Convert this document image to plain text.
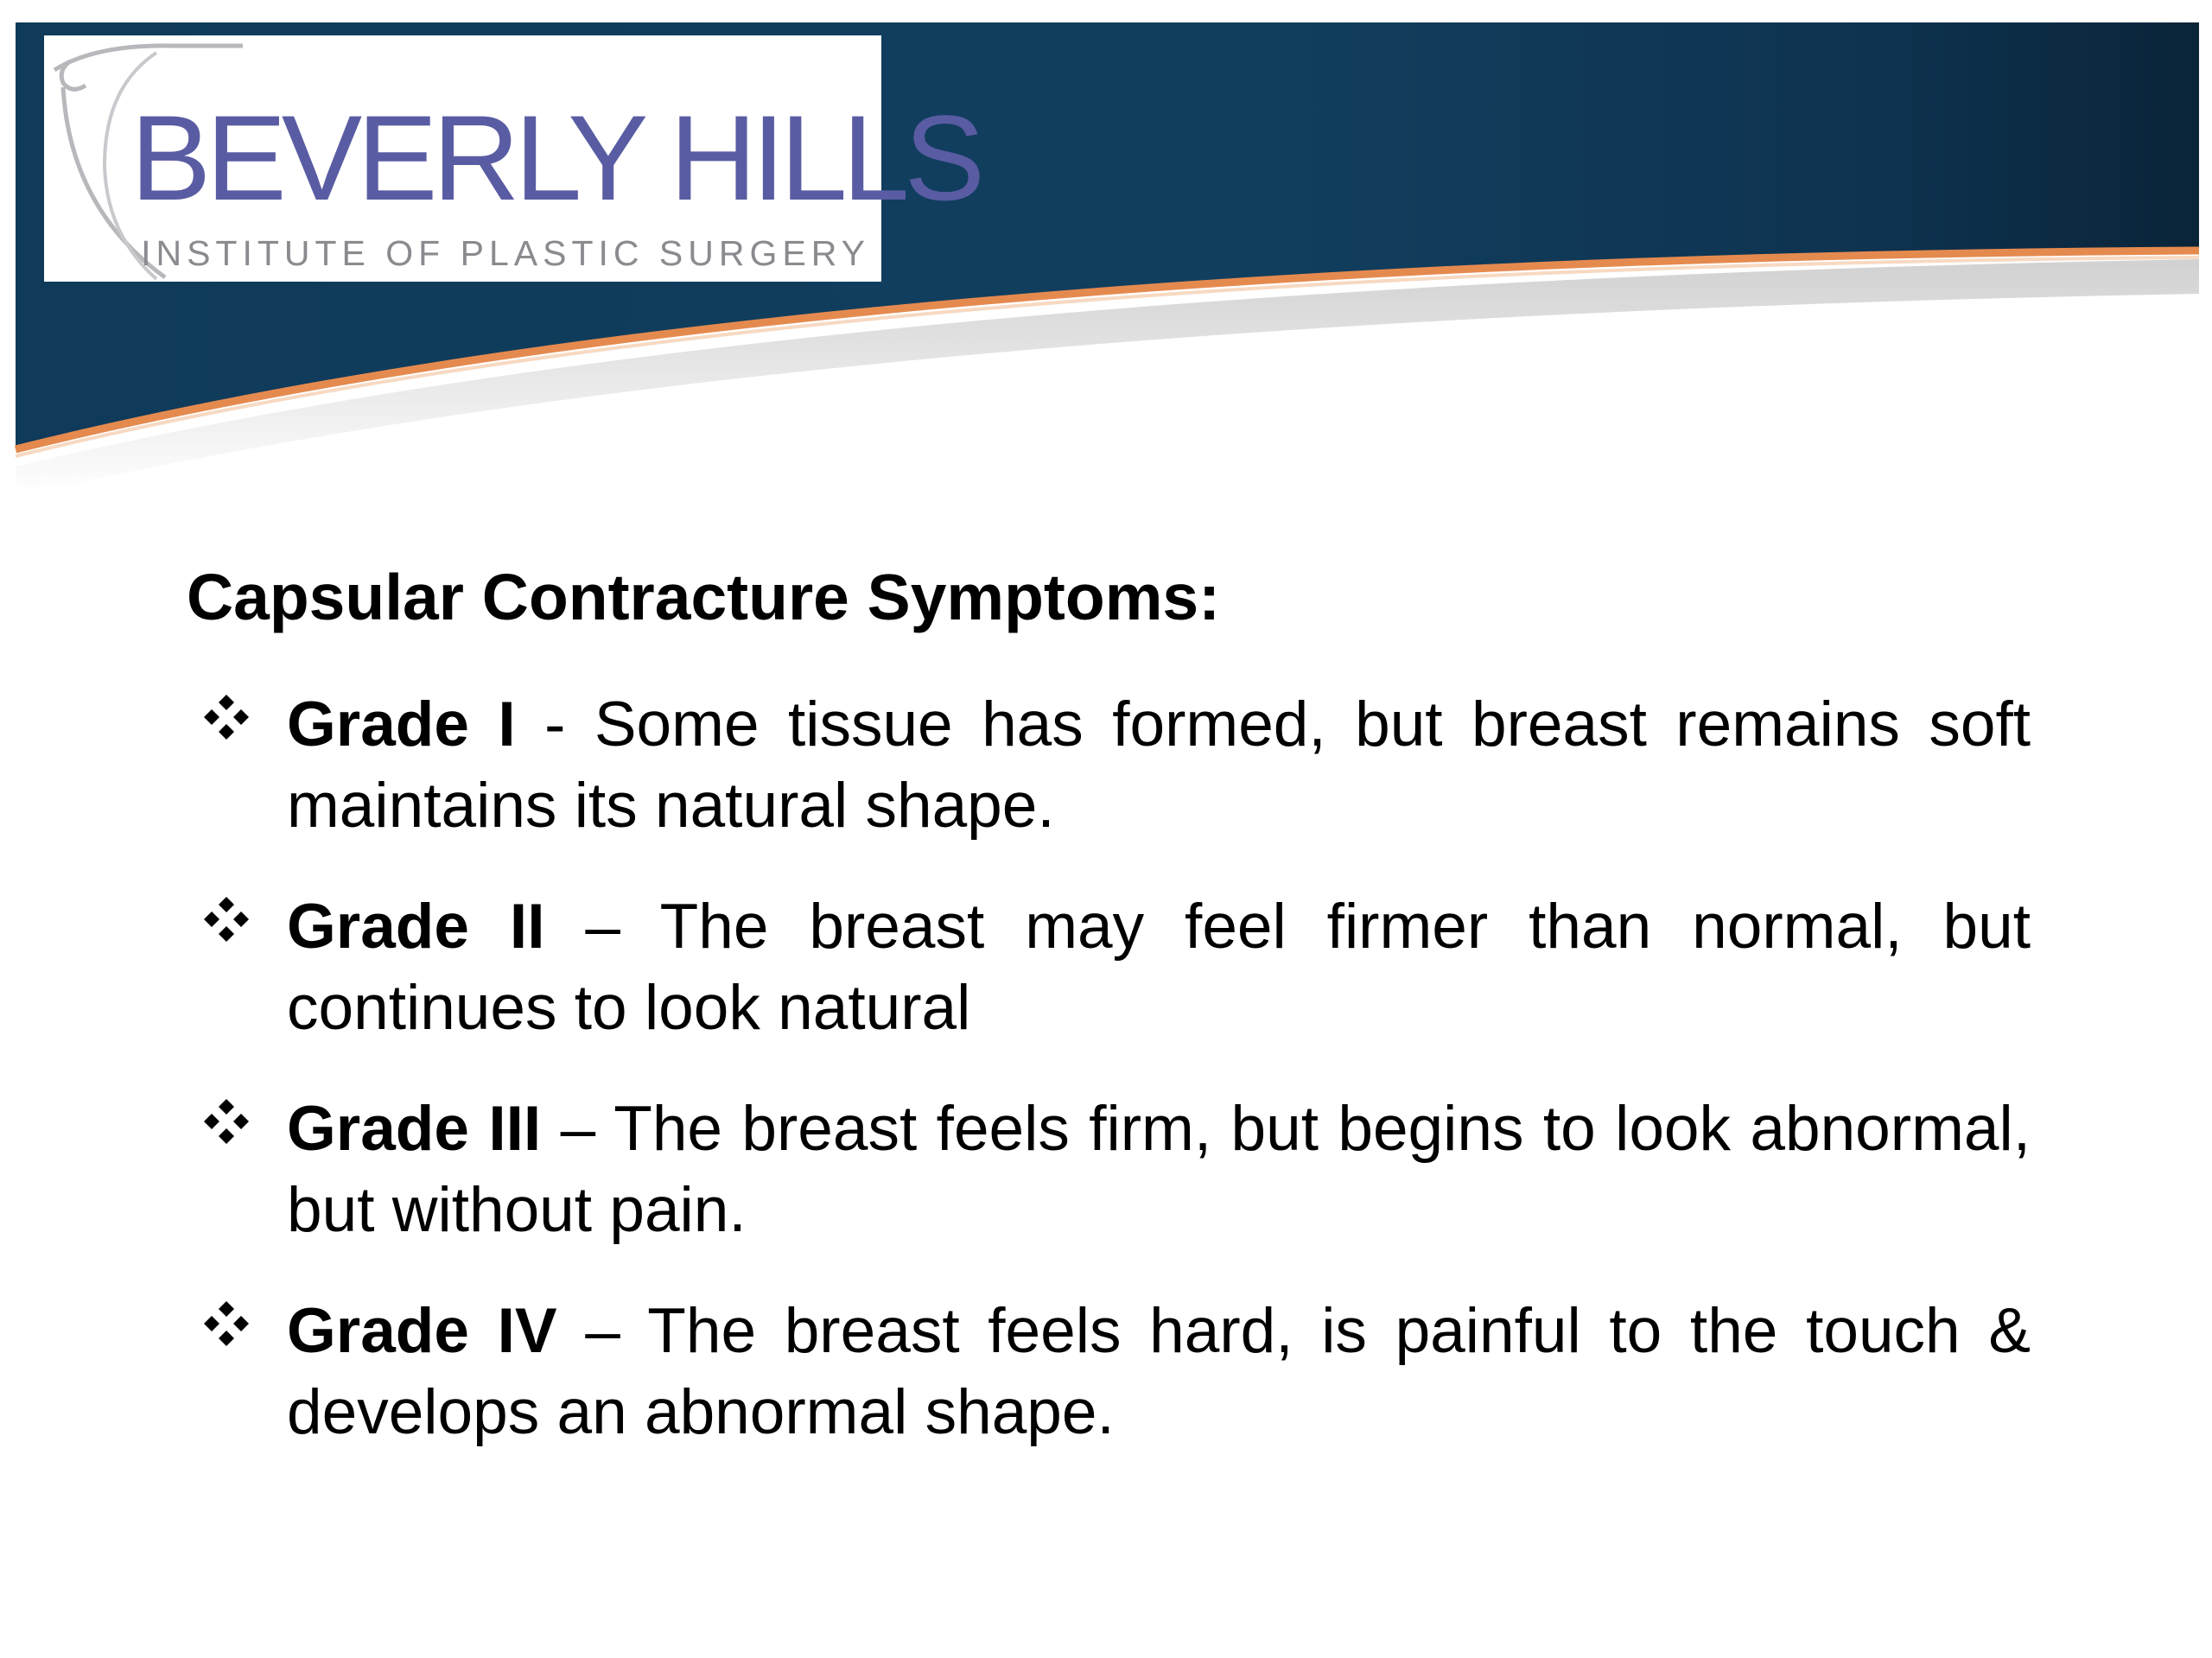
BEVERLY HILLS
INSTITUTE OF PLASTIC SURGERY
Capsular Contracture Symptoms:
Grade I - Some tissue has formed, but breast remains soft maintains its natural shape.
Grade II – The breast may feel firmer than normal, but continues to look natural
Grade III – The breast feels firm, but begins to look abnormal, but without pain.
Grade IV – The breast feels hard, is painful to the touch & develops an abnormal shape.
